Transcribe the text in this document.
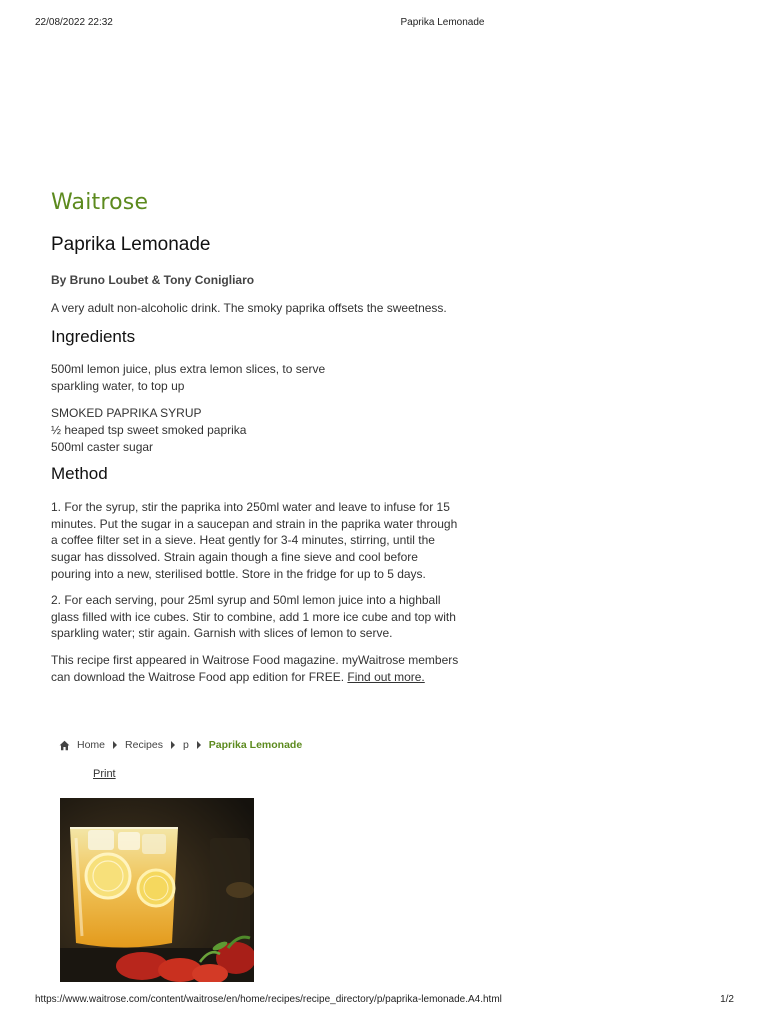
22/08/2022 22:32	Paprika Lemonade
Waitrose
Paprika Lemonade
By Bruno Loubet & Tony Conigliaro
A very adult non-alcoholic drink. The smoky paprika offsets the sweetness.
Ingredients
500ml lemon juice, plus extra lemon slices, to serve
sparkling water, to top up
SMOKED PAPRIKA SYRUP
½ heaped tsp sweet smoked paprika
500ml caster sugar
Method

1. For the syrup, stir the paprika into 250ml water and leave to infuse for 15 minutes. Put the sugar in a saucepan and strain in the paprika water through a coffee filter set in a sieve. Heat gently for 3-4 minutes, stirring, until the sugar has dissolved. Strain again though a fine sieve and cool before pouring into a new, sterilised bottle. Store in the fridge for up to 5 days.

2. For each serving, pour 25ml syrup and 50ml lemon juice into a highball glass filled with ice cubes. Stir to combine, add 1 more ice cube and top with sparkling water; stir again. Garnish with slices of lemon to serve.

This recipe first appeared in Waitrose Food magazine. myWaitrose members can download the Waitrose Food app edition for FREE. Find out more.

Home Recipes p Paprika Lemonade
Print
https://www.waitrose.com/content/waitrose/en/home/recipes/recipe_directory/p/paprika-lemonade.A4.html	1/2
